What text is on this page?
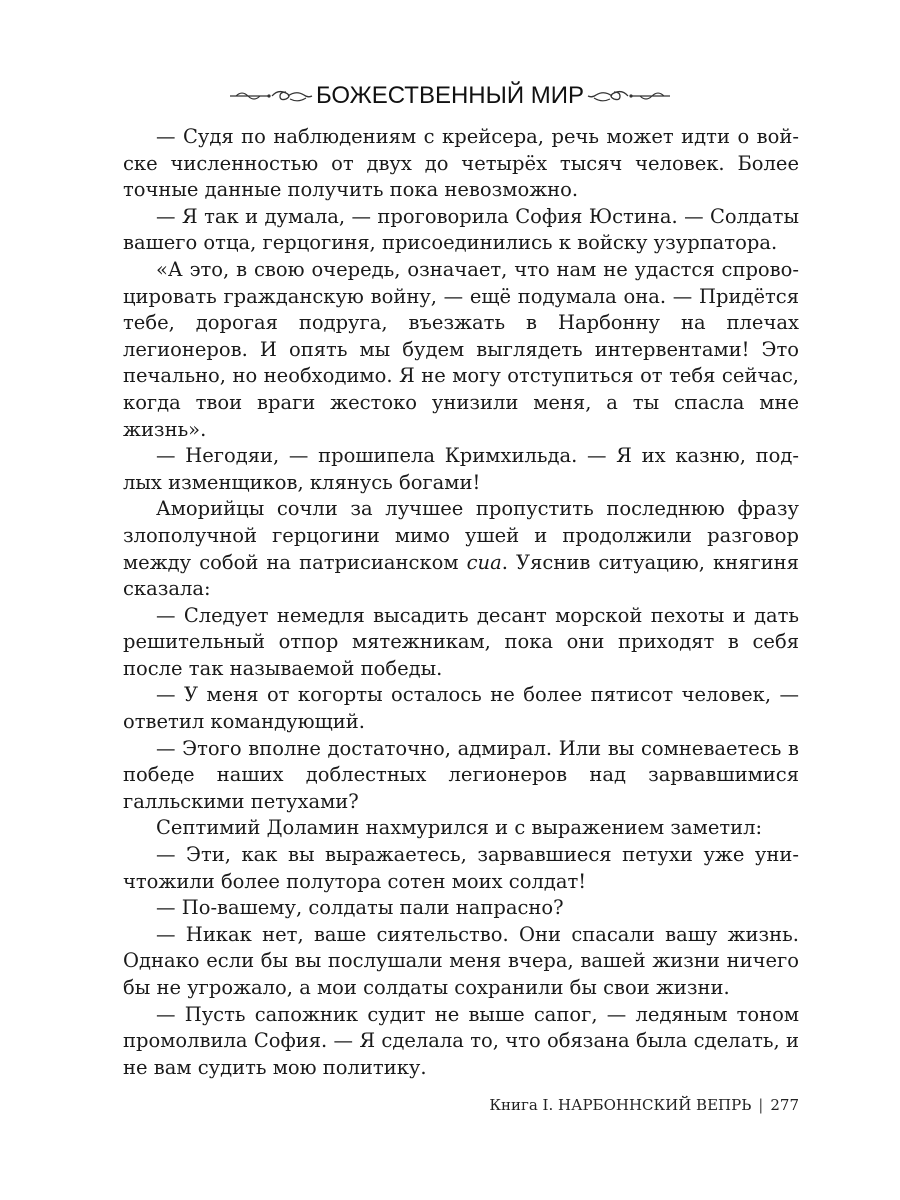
БОЖЕСТВЕННЫЙ МИР

— Судя по наблюдениям с крейсера, речь может идти о войске численностью от двух до четырёх тысяч человек. Более точные данные получить пока невозможно.

— Я так и думала, — проговорила София Юстина. — Солдаты вашего отца, герцогиня, присоединились к войску узурпатора.

«А это, в свою очередь, означает, что нам не удастся спровоцировать гражданскую войну, — ещё подумала она. — Придётся тебе, дорогая подруга, въезжать в Нарбонну на плечах легионеров. И опять мы будем выглядеть интервентами! Это печально, но необходимо. Я не могу отступиться от тебя сейчас, когда твои враги жестоко унизили меня, а ты спасла мне жизнь».

— Негодяи, — прошипела Кримхильда. — Я их казню, подлых изменщиков, клянусь богами!

Аморийцы сочли за лучшее пропустить последнюю фразу злополучной герцогини мимо ушей и продолжили разговор между собой на патрисианском сиа. Уяснив ситуацию, княгиня сказала:

— Следует немедля высадить десант морской пехоты и дать решительный отпор мятежникам, пока они приходят в себя после так называемой победы.

— У меня от когорты осталось не более пятисот человек, — ответил командующий.

— Этого вполне достаточно, адмирал. Или вы сомневаетесь в победе наших доблестных легионеров над зарвавшимися галльскими петухами?

Септимий Доламин нахмурился и с выражением заметил:

— Эти, как вы выражаетесь, зарвавшиеся петухи уже уничтожили более полутора сотен моих солдат!

— По-вашему, солдаты пали напрасно?

— Никак нет, ваше сиятельство. Они спасали вашу жизнь. Однако если бы вы послушали меня вчера, вашей жизни ничего бы не угрожало, а мои солдаты сохранили бы свои жизни.

— Пусть сапожник судит не выше сапог, — ледяным тоном промолвила София. — Я сделала то, что обязана была сделать, и не вам судить мою политику.

Книга I. НАРБОННСКИЙ ВЕПРЬ | 277
